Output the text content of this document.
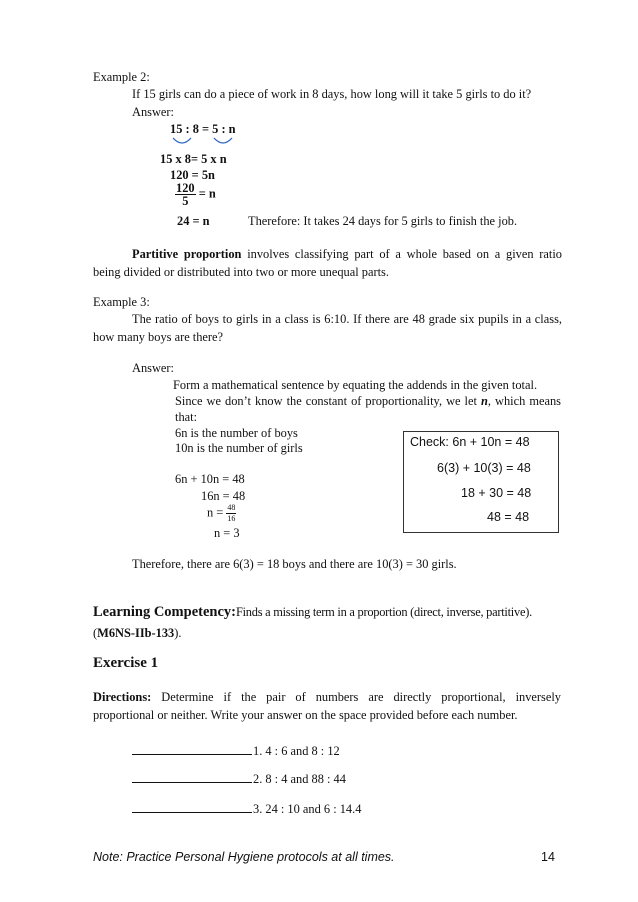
Example 2:
If 15 girls can do a piece of work in 8 days, how long will it take 5 girls to do it?
Answer:
15 : 8 = 5 : n
15 x 8= 5 x n
120 = 5n
$\frac{120}{5} = n$
24 = n	Therefore: It takes 24 days for 5 girls to finish the job.
Partitive proportion involves classifying part of a whole based on a given ratio
being divided or distributed into two or more unequal parts.
Example 3:
The ratio of boys to girls in a class is 6:10. If there are 48 grade six pupils in a class,
how many boys are there?
Answer:
Form a mathematical sentence by equating the addends in the given total.
Since we don’t know the constant of proportionality, we let n, which means
that:
6n is the number of boys
10n is the number of girls
6n + 10n = 48
16n = 48
$n = \frac{48}{16}$
n = 3
Check: 6n + 10n = 48
6(3) + 10(3) = 48
18 + 30 = 48
48 = 48
Therefore, there are 6(3) = 18 boys and there are 10(3) = 30 girls.
Learning Competency:Finds a missing term in a proportion (direct, inverse, partitive).
(M6NS-IIb-133).
Exercise 1
Directions: Determine if the pair of numbers are directly proportional, inversely
proportional or neither. Write your answer on the space provided before each number.
1. 4 : 6 and 8 : 12
2. 8 : 4 and 88 : 44
3. 24 : 10 and 6 : 14.4
Note: Practice Personal Hygiene protocols at all times.	14
